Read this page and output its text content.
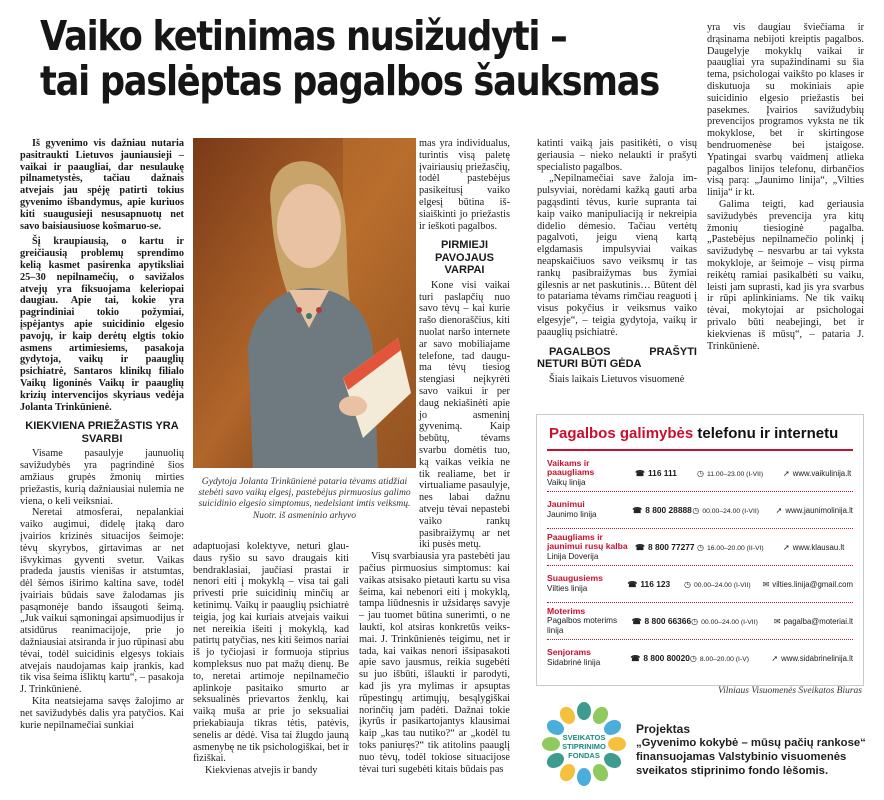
Vaiko ketinimas nusižudyti –
tai paslėptas pagalbos šauksmas

Iš gyvenimo vis dažniau nutaria pasitraukti Lietuvos jauniausieji – vaikai ir paaugliai, dar nesulaukę pilnametystės, tačiau dažnais atvejais jau spėję patirti tokius gyvenimo išbandymus, apie kuriuos kiti suaugusieji nesusapnuotų net savo baisiausiuose košmaruo-se.

Šį kraupiausią, o kartu ir greičiausią problemų sprendimo kelią kasmet pasirenka apytiksliai 25–30 nepilnamečių, o savižalos atvejų yra fiksuojama keleriopai daugiau. Apie tai, kokie yra pagrindiniai tokio požymiai, įspėjantys apie suicidinio elgesio pavojų, ir kaip derėtų elgtis tokio asmens artimiesiems, pasakoja gydytoja, vaikų ir paauglių psichiatrė, Santaros klinikų filialo Vaikų ligoninės Vaikų ir paauglių krizių intervencijos skyriaus vedėja Jolanta Trinkūnienė.

KIEKVIENA PRIEŽASTIS YRA SVARBI

Visame pasaulyje jaunuolių savižudybės yra pagrindinė šios amžiaus grupės žmonių mirties priežastis, kurią dažniausiai nulemia ne viena, o keli veiksniai.

Neretai atmosferai, nepalankiai vaiko augimui, didelę įtaką daro įvairios krizinės situacijos šeimoje: tėvų skyrybos, girtavimas ar net išvykimas gyventi svetur. Vaikas pradeda jaustis vienišas ir atstumtas, dėl šėmos iširimo kaltina save, todėl įvairiais būdais save žalodamas jis pasąmonėje bando išsaugoti šeimą. „Juk vaikui sąmoningai apsimuodijus ir atsidūrus reanimacijoje, prie jo dažniausiai atsiranda ir juo rūpinasi abu tėvai, todėl suicidinis elgesys tokiais atvejais naudojamas kaip įrankis, kad tik visa šeima išliktų kartu“, – pasakoja J. Trinkūnienė.

Kita neatsiejama savęs žalojimo ar net savižudybės dalis yra patyčios. Kai kurie nepilnamečiai sunkiai

Gydytoja Jolanta Trinkūnienė pataria tėvams atidžiai stebėti savo vaikų elgesį, pastebėjus pirmuosius galimo suicidinio elgesio simptomus, nedelsiant imtis veiksmų. Nuotr. iš asmeninio arhyvo

adaptuojasi kolektyve, neturi glaudaus ryšio su savo draugais kiti bendraklasiai, jaučiasi prastai ir nenori eiti į mokyklą – visa tai gali privesti prie suicidinių minčių ar ketinimų. Vaikų ir paauglių psichiatrė teigia, jog kai kuriais atvejais vaikui net nereikia išeiti į mokyklą, kad patirtų patyčias, nes kiti šeimos nariai iš jo tyčiojasi ir formuoja stiprius kompleksus nuo pat mažų dienų. Be to, neretai artimoje nepilnamečio aplinkoje pasitaiko smurto ar seksualinės prievartos ženklų, kai vaiką muša ar prie jo seksualiai priekabiauja tikras tėtis, patėvis, senelis ar dėdė. Visa tai žlugdo jauną asmenybę ne tik psichologiškai, bet ir fiziškai.

Kiekvienas atvejis ir bandy

mas yra individualus, turintis visą paletę įvairiausių priežasčių, todėl pastebėjus pasikeitusį vaiko elgesį būtina išsiaiškinti jo priežastis ir ieškoti pagalbos.

PIRMIEJI PAVOJAUS VARPAI

Kone visi vaikai turi paslapčių nuo savo tėvų – kai kurie rašo dienoraščius, kiti nuolat naršo internete ar savo mobiliajame telefone, tad dauguma tėvų tiesiog stengiasi neįkyrėti savo vaikui ir per daug nekiašinėti apie jo asmeninį gyvenimą. Kaip bebūtų, tėvams svarbu domėtis tuo, ką vaikas veikia ne tik realiame, bet ir virtualiame pasaulyje, nes labai dažnu atveju tėvai nepastebi vaiko rankų pasibraižymų ar net iki pusės metų.

Visų svarbiausia yra pastebėti jau pačius pirmuosius simptomus: kai vaikas atsisako pietauti kartu su visa šeima, kai nebenori eiti į mokyklą, tampa liūdnesnis ir užsidaręs savyje – jau tuomet būtina sunerimti, o ne laukti, kol atsiras konkretūs veiksmai. J. Trinkūnienės teigimu, net ir tada, kai vaikas nenori išsipasakoti apie savo jausmus, reikia sugebėti su juo išbūti, išlaukti ir parodyti, kad jis yra mylimas ir apsuptas rūpestingų artimųjų, besąlygiškai norinčių jam padėti. Dažnai tokie įkyrūs ir pasikartojantys klausimai kaip „kas tau nutiko?“ ar „kodėl tu toks paniuręs?“ tik atitolins paauglį nuo tėvų, todėl tokiose situacijose tėvai turi sugebėti kitais būdais pas

katinti vaiką jais pasitikėti, o visų geriausia – nieko nelaukti ir prašyti specialisto pagalbos.

„Nepilnamečiai save žaloja impulsyviai, norėdami kažką gauti arba pagąsdinti tėvus, kurie supranta tai kaip vaiko manipuliaciją ir nekreipia didelio dėmesio. Tačiau vertėtų pagalvoti, jeigu vieną kartą elgdamasis impulsyviai vaikas neapskaičiuos savo veiksmų ir tas rankų pasibraižymas bus žymiai gilesnis ar net paskutinis… Būtent dėl to patariama tėvams rimčiau reaguoti į visus pokyčius ir veiksmus vaiko elgesyje“, – teigia gydytoja, vaikų ir paauglių psichiatrė.

PAGALBOS PRAŠYTI NETURI BŪTI GĖDA

Šiais laikais Lietuvos visuomenė

yra vis daugiau šviečiama ir drąsinama nebijoti kreiptis pagalbos. Daugelyje mokyklų vaikai ir paaugliai yra supažindinami su šia tema, psichologai vaikšto po klases ir diskutuoja su mokiniais apie suicidinio elgesio priežastis bei pasekmes. Įvairios savižudybių prevencijos programos vyksta ne tik mokyklose, bet ir skirtingose bendruomenėse bei įstaigose. Ypatingai svarbų vaidmenį atlieka pagalbos linijos telefonu, dirbančios visą parą: „Jaunimo linija“, „Vilties linija“ ir kt.

Galima teigti, kad geriausia savižudybės prevencija yra kitų žmonių tiesioginė pagalba. „Pastebėjus nepilnamečio polinkį į savižudybę – nesvarbu ar tai vyksta mokykloje, ar šeimoje – visų pirma reikėtų ramiai pasikalbėti su vaiku, leisti jam suprasti, kad jis yra svarbus ir rūpi aplinkiniams. Ne tik vaikų tėvai, mokytojai ar psichologai privalo būti neabejingi, bet ir kiekvienas iš mūsų“, – pataria J. Trinkūnienė.

Pagalbos galimybės telefonu ir internetu
Vaikams ir paaugliams
Vaikų linija
☎ 116 111	◷ 11.00–23.00 (I-VII)	➚ www.vaikulinija.lt
Jaunimui
Jaunimo linija	☎ 8 800 28888 ◷ 00.00–24.00 (I-VII)	➚ www.jaunimolinija.lt
Paaugliams ir jaunimui rusų kalba
Linija Doverija
☎ 8 800 77277 ◷ 16.00–20.00 (II-VI)	➚ www.klausau.lt
Suaugusiems
Vilties linija	☎ 116 123	◷ 00.00–24.00 (I-VII)	✉ vilties.linija@gmail.com
Moterims
Pagalbos moterims linija
☎ 8 800 66366 ◷ 00.00–24.00 (I-VII)	✉ pagalba@moteriai.lt
Senjorams
Sidabrinė linija	☎ 8 800 80020 ◷ 8.00–20.00 (I-V)	➚ www.sidabrinelinija.lt
Vilniaus Visuomenės Sveikatos Biuras
SVEIKATOS
STIPRINIMO
FONDAS
Projektas
„Gyvenimo kokybė – mūsų pačių rankose“
finansuojamas Valstybinio visuomenės
sveikatos stiprinimo fondo lėšomis.
